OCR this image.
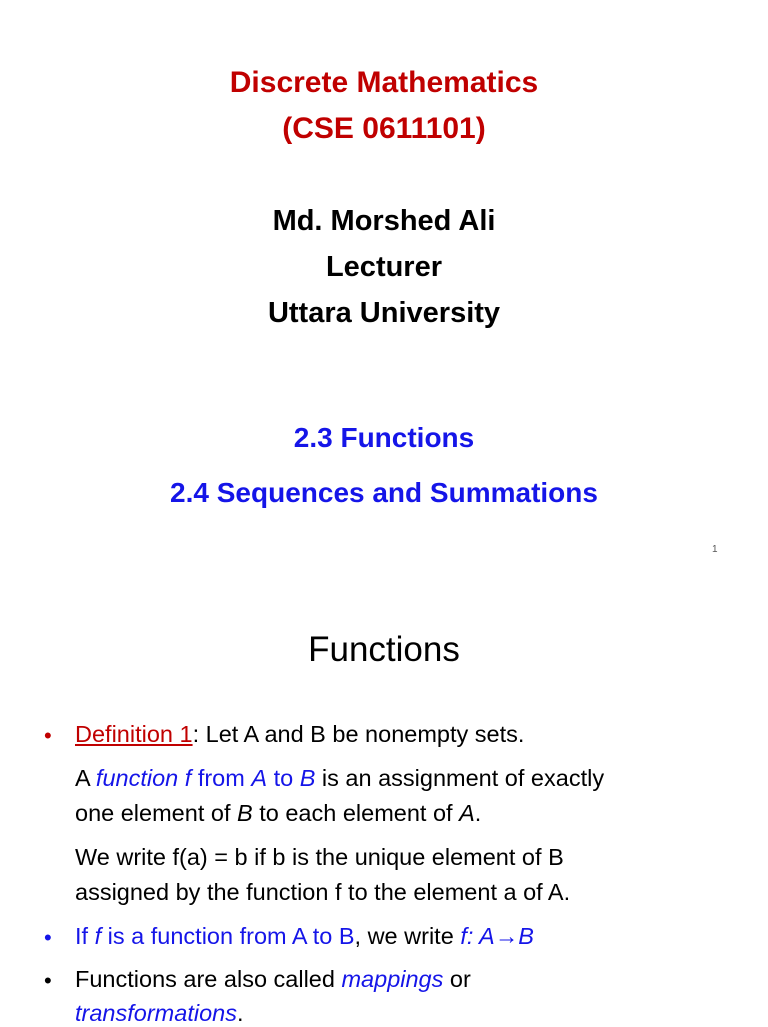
Discrete Mathematics
(CSE 0611101)
Md. Morshed Ali
Lecturer
Uttara University
2.3 Functions
2.4 Sequences and Summations
1
Functions
• Definition 1: Let A and B be nonempty sets.
A function f from A to B is an assignment of exactly
one element of B to each element of A.
We write f(a) = b if b is the unique element of B
assigned by the function f to the element a of A.
• If f is a function from A to B, we write f: A→B
• Functions are also called mappings or
transformations.
